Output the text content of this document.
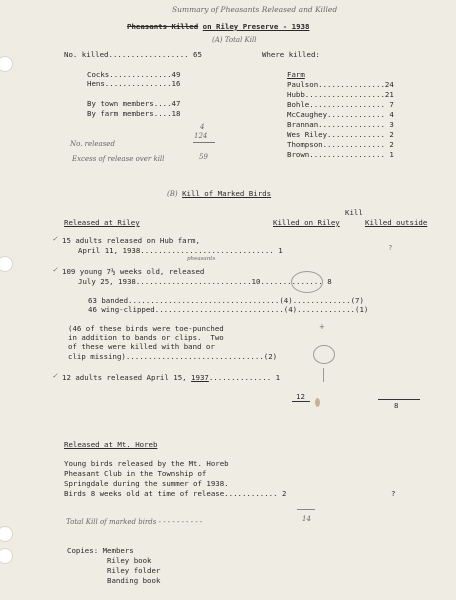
Summary of Pheasants Released and Killed
Pheasants Killed on Riley Preserve - 1938
(A) Total Kill
No. killed.................. 65	Where killed:
Cocks..............49
Hens...............16
By town members....47
By farm members....18
Farm
Paulson...............24
Hubb..................21
Bohle................. 7
McCaughey............. 4
Brannan............... 3
Wes Riley............. 2
Thompson.............. 2
Brown................. 1
4
124
No. released
Excess of release over kill	59
(B) Kill of Marked Birds
Kill
Released at Riley	Killed on Riley	Killed outside
✓ 15 adults released on Hub farm,
April 11, 1938.............................. 1	?
✓
pheasants
109 young 7½ weeks old, released
July 25, 1938..........................10.............. 8
63 banded..................................(4).............(7)
46 wing-clipped.............................(4).............(1)
(46 of these birds were toe-punched
in addition to bands or clips.  Two
of these were killed with band or
clip missing)...............................(2)
+
✓ 12 adults released April 15, 1937.............. 1
12
8
Released at Mt. Horeb
Young birds released by the Mt. Horeb
Pheasant Club in the Township of
Springdale during the summer of 1938.
Birds 8 weeks old at time of release............ 2	?
Total Kill of marked birds - - - - - - - - - -	14
Copies: Members
Riley book
Riley folder
Banding book
